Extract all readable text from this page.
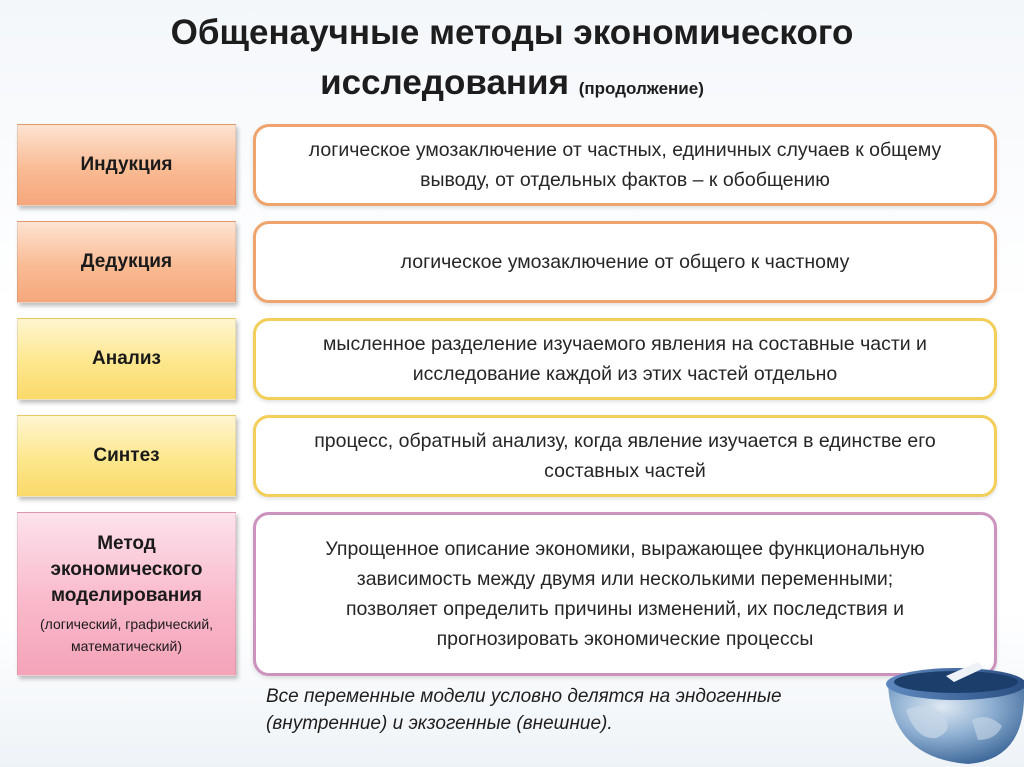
Общенаучные методы экономического
исследования (продолжение)
Индукция
логическое умозаключение от частных, единичных случаев к общему выводу, от отдельных фактов – к обобщению
Дедукция	логическое умозаключение от общего к частному
Анализ
мысленное разделение изучаемого явления на составные части и исследование каждой из этих частей отдельно
Синтез
процесс, обратный анализу, когда явление изучается в единстве его составных частей
Метод экономического моделирования
(логический, графический, математический)
Упрощенное описание экономики, выражающее функциональную зависимость между двумя или несколькими переменными; позволяет определить причины изменений, их последствия и прогнозировать экономические процессы
Все переменные модели условно делятся на эндогенные (внутренние) и экзогенные (внешние).
